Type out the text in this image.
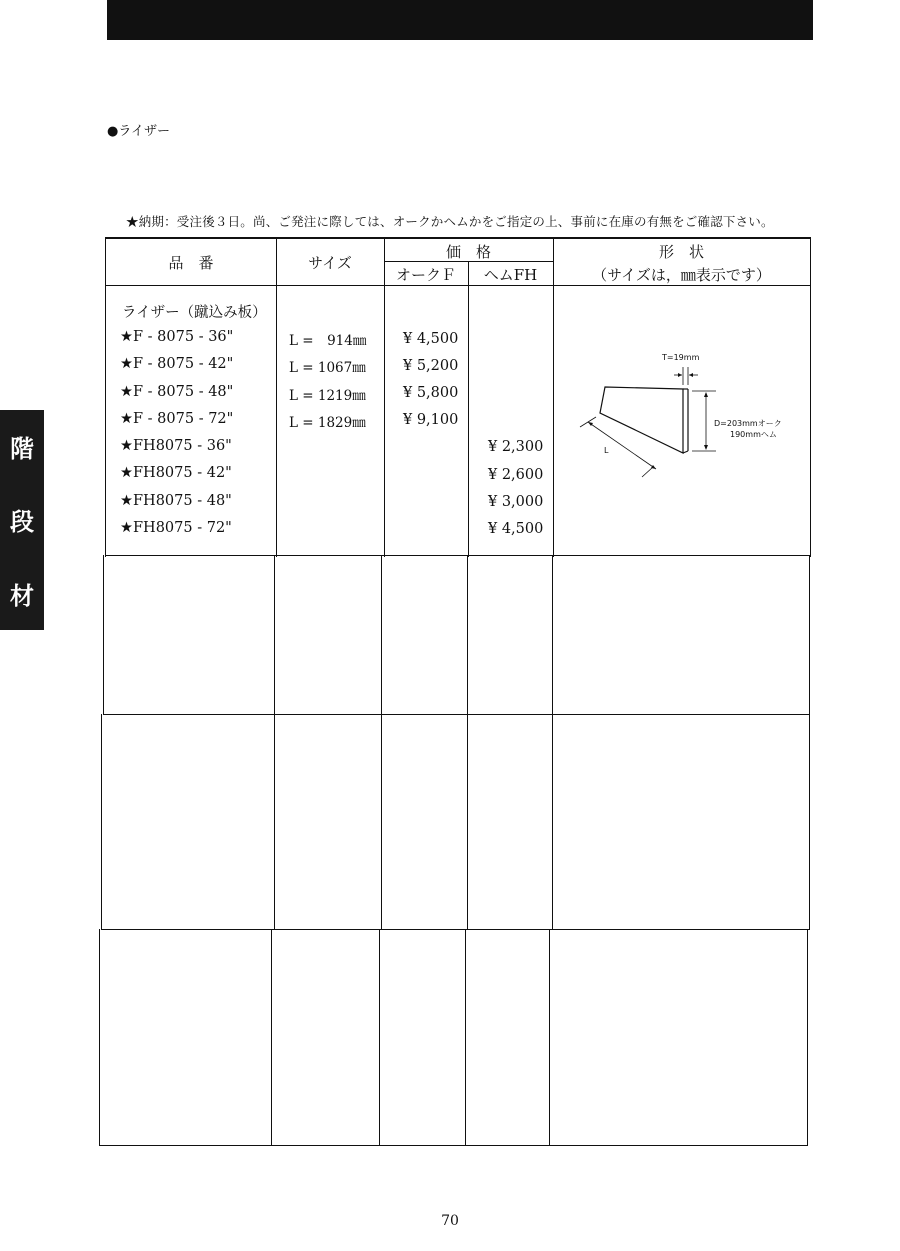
階
段
材
●ライザー
★納期：受注後３日。尚、ご発注に際しては、オークかヘムかをご指定の上、事前に在庫の有無をご確認下さい。
品　番	サイズ
価　格
オークＦ	ヘムFH
形　状
（サイズは，㎜表示です）
ライザー（蹴込み板）
★F - 8075 - 36"
★F - 8075 - 42"
★F - 8075 - 48"
★F - 8075 - 72"
★FH8075 - 36"
★FH8075 - 42"
★FH8075 - 48"
★FH8075 - 72"
L =　914㎜
L = 1067㎜
L = 1219㎜
L = 1829㎜
¥ 4,500
¥ 5,200
¥ 5,800
¥ 9,100
¥ 2,300
¥ 2,600
¥ 3,000
¥ 4,500
T=19mm
D=203mmオーク
190mmヘム
L
70
